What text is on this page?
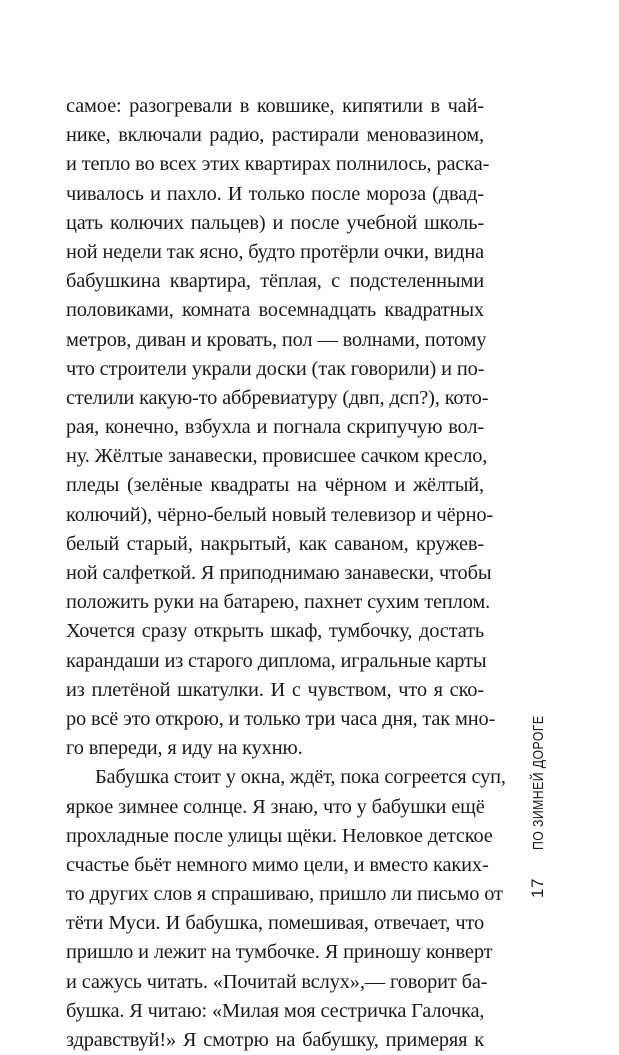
самое: разогревали в ковшике, кипятили в чай-
нике, включали радио, растирали меновазином,
и тепло во всех этих квартирах полнилось, раска-
чивалось и пахло. И только после мороза (двад-
цать колючих пальцев) и после учебной школь-
ной недели так ясно, будто протёрли очки, видна
бабушкина квартира, тёплая, с подстеленными
половиками, комната восемнадцать квадратных
метров, диван и кровать, пол — волнами, потому
что строители украли доски (так говорили) и по-
стелили какую-то аббревиатуру (двп, дсп?), кото-
рая, конечно, взбухла и погнала скрипучую вол-
ну. Жёлтые занавески, провисшее сачком кресло,
пледы (зелёные квадраты на чёрном и жёлтый,
колючий), чёрно-белый новый телевизор и чёрно-
белый старый, накрытый, как саваном, кружев-
ной салфеткой. Я приподнимаю занавески, чтобы
положить руки на батарею, пахнет сухим теплом.
Хочется сразу открыть шкаф, тумбочку, достать
карандаши из старого диплома, игральные карты
из плетёной шкатулки. И с чувством, что я ско-
ро всё это открою, и только три часа дня, так мно-
го впереди, я иду на кухню.
Бабушка стоит у окна, ждёт, пока согреется суп,
яркое зимнее солнце. Я знаю, что у бабушки ещё
прохладные после улицы щёки. Неловкое детское
счастье бьёт немного мимо цели, и вместо каких-
то других слов я спрашиваю, пришло ли письмо от
тёти Муси. И бабушка, помешивая, отвечает, что
пришло и лежит на тумбочке. Я приношу конверт
и сажусь читать. «Почитай вслух»,— говорит ба-
бушка. Я читаю: «Милая моя сестричка Галочка,
здравствуй!» Я смотрю на бабушку, примеряя к
17ПО ЗИМНЕЙ ДОРОГЕ
